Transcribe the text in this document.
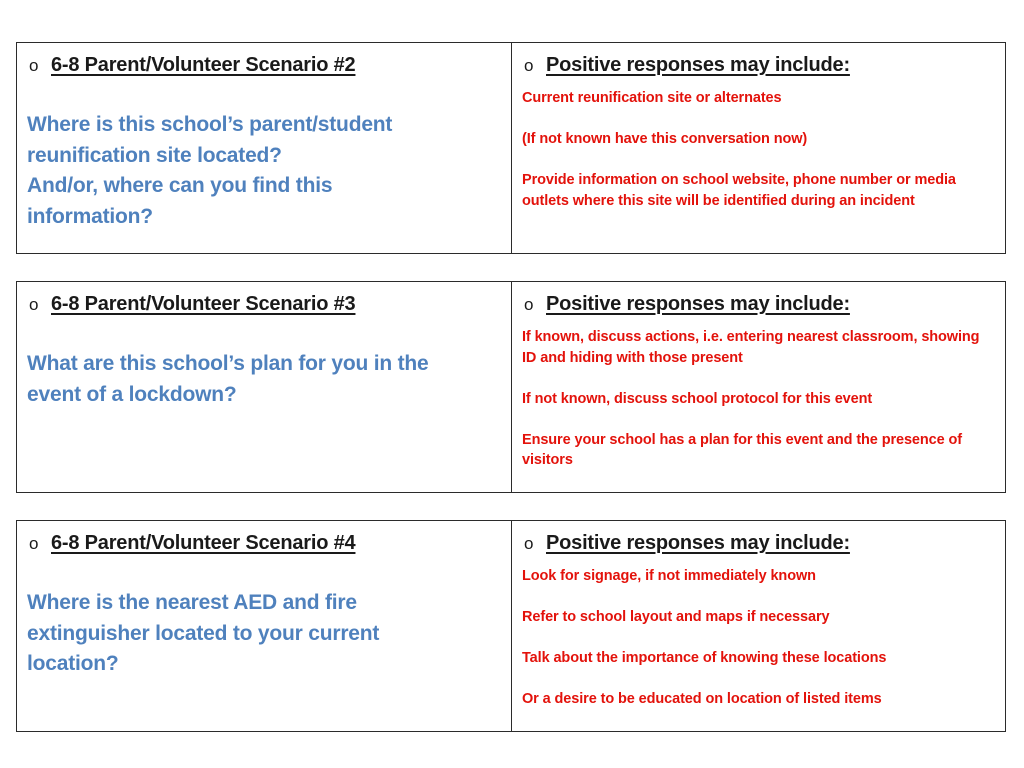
o 6-8 Parent/Volunteer Scenario #2
Where is this school’s parent/student
reunification site located?
And/or, where can you find this
information?
o Positive responses may include:
Current reunification site or alternates
(If not known have this conversation now)
Provide information on school website, phone number or media outlets where this site will be identified during an incident
o 6-8 Parent/Volunteer Scenario #3
What are this school’s plan for you in the
event of a lockdown?
o Positive responses may include:
If known, discuss actions, i.e. entering nearest classroom, showing ID and hiding with those present
If not known, discuss school protocol for this event
Ensure your school has a plan for this event and the presence of visitors
o 6-8 Parent/Volunteer Scenario #4
Where is the nearest AED and fire
extinguisher located to your current
location?
o Positive responses may include:
Look for signage, if not immediately known
Refer to school layout and maps if necessary
Talk about the importance of knowing these locations
Or a desire to be educated on location of listed items
